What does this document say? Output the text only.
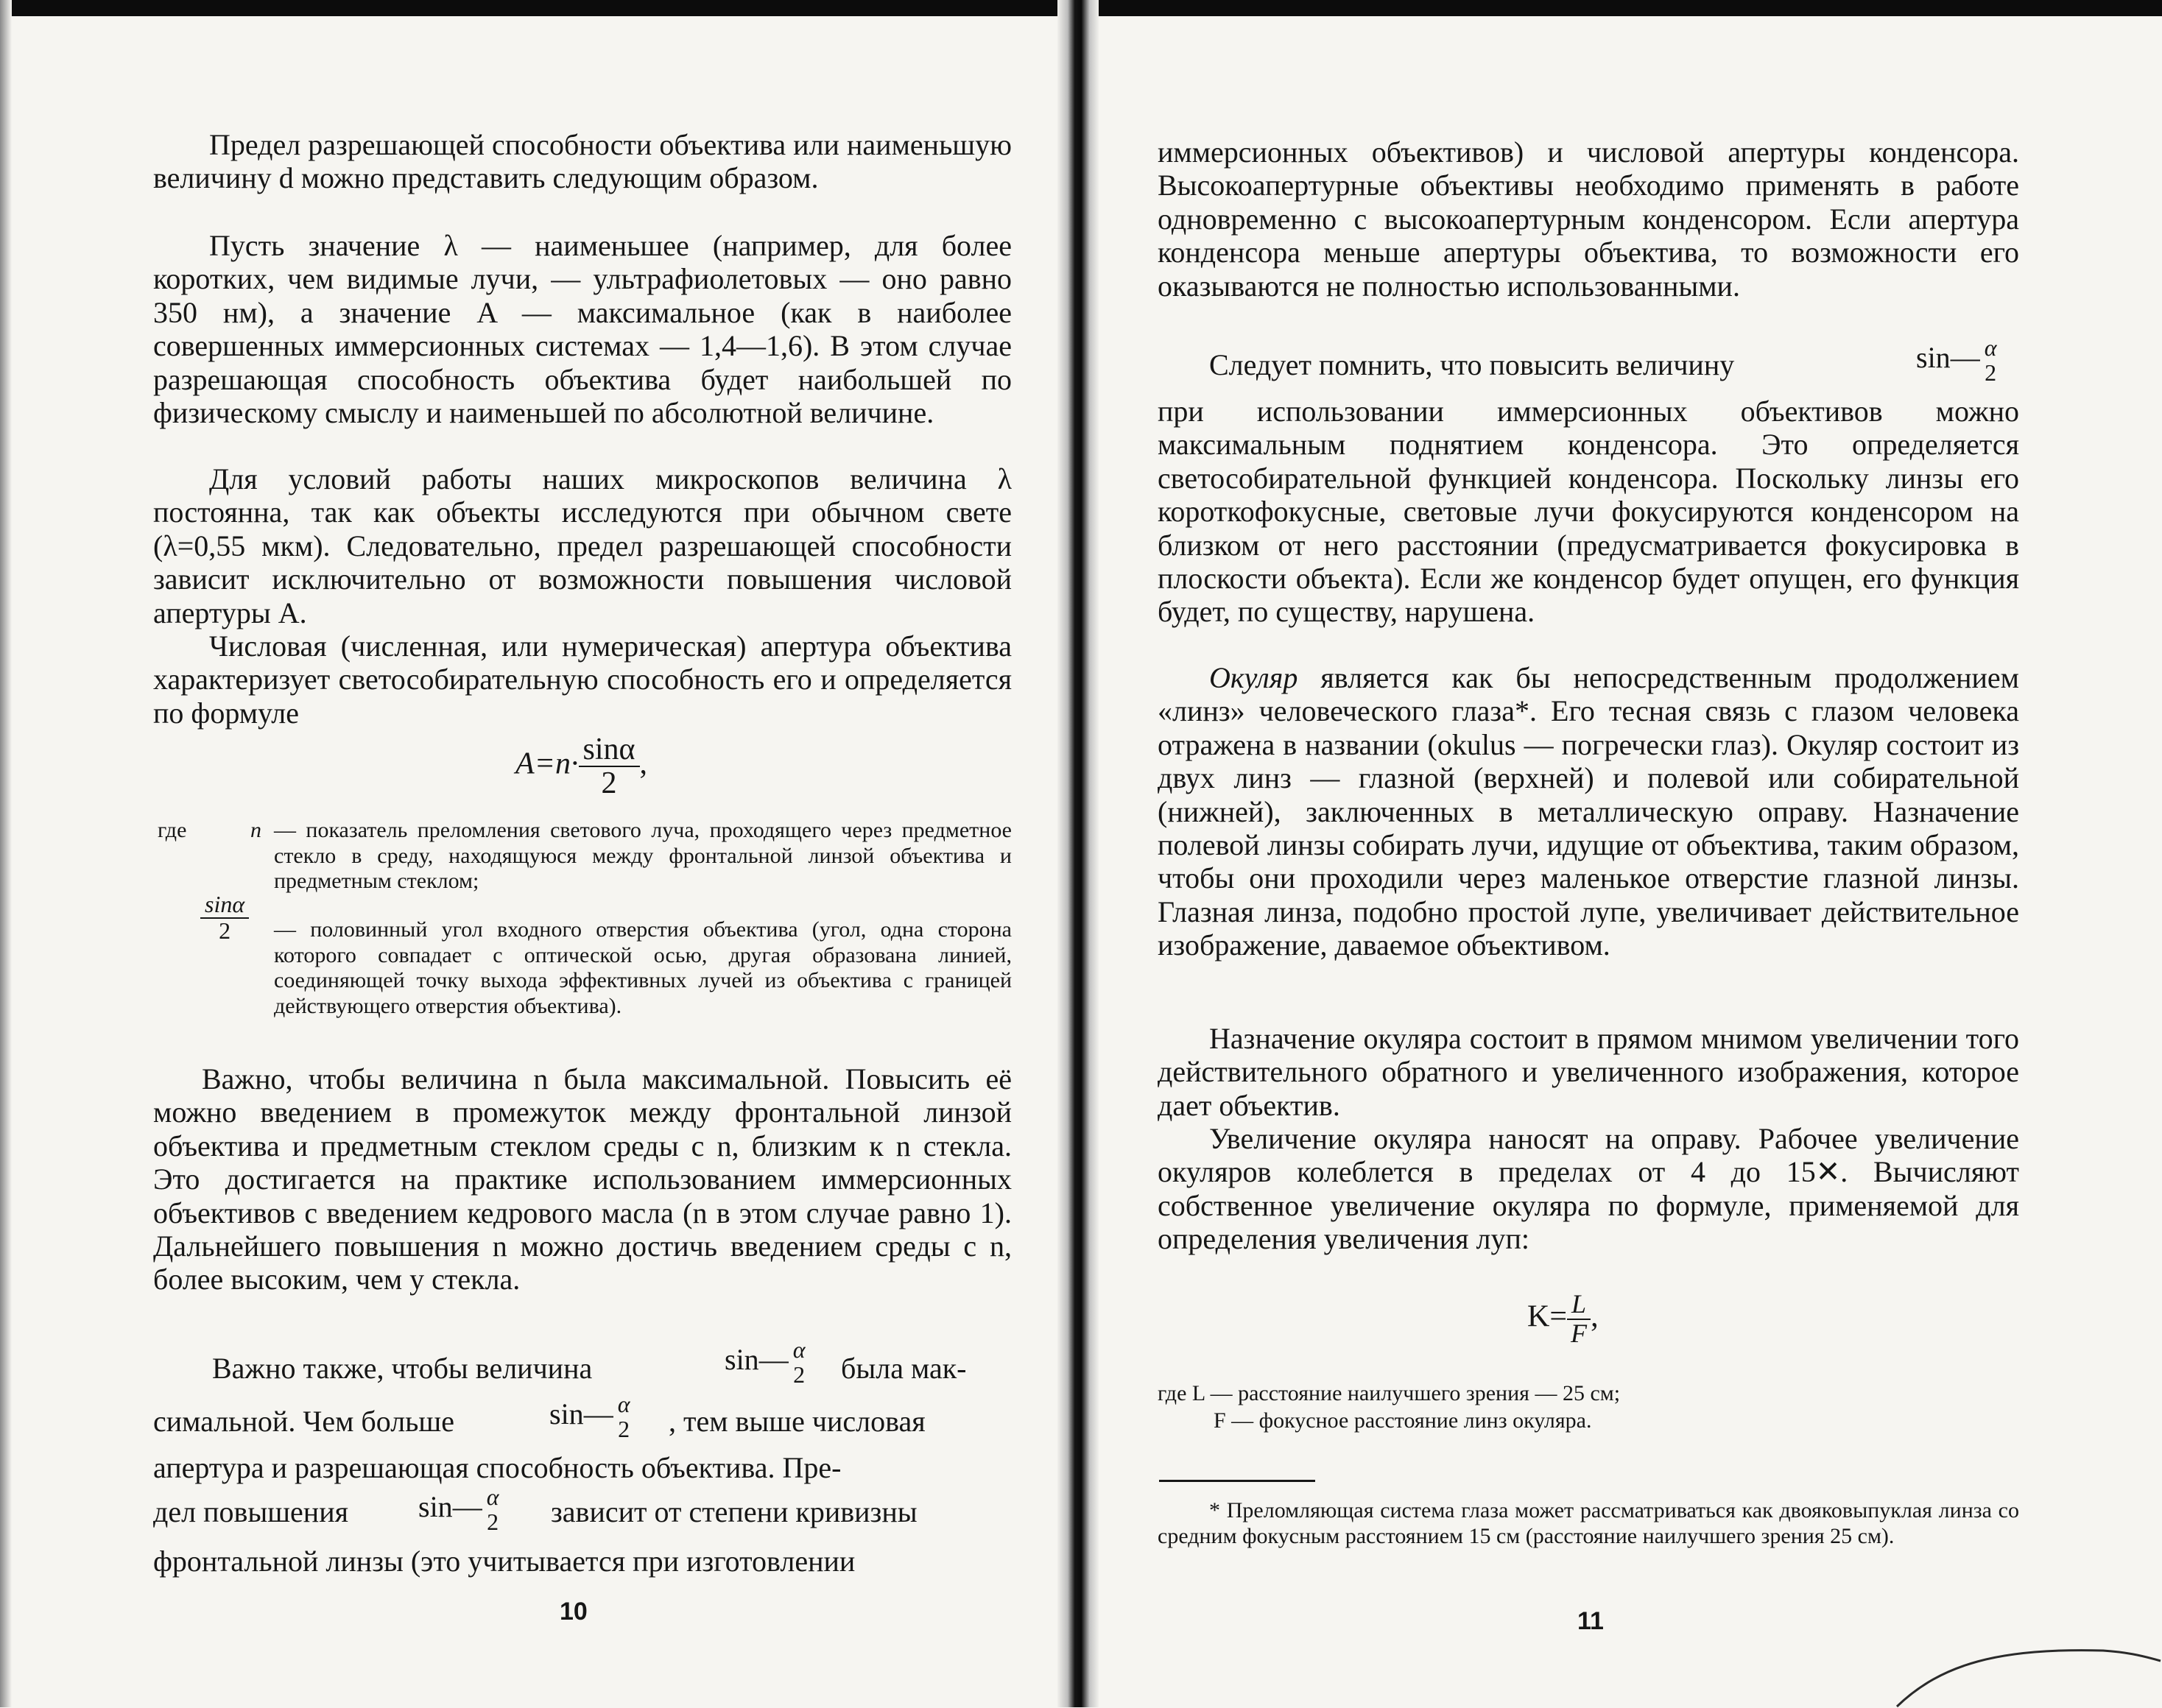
Предел разрешающей способности объектива или наименьшую величину d можно представить следующим образом.

Пусть значение λ — наименьшее (например, для более коротких, чем видимые лучи, — ультрафиолетовых — оно равно 350 нм), а значение A — максимальное (как в наиболее совершенных иммерсионных системах — 1,4—1,6). В этом случае разрешающая способность объектива будет наибольшей по физическому смыслу и наименьшей по абсолютной величине.

Для условий работы наших микроскопов величина λ постоянна, так как объекты исследуются при обычном свете (λ=0,55 мкм). Следовательно, предел разрешающей способности зависит исключительно от возможности повышения числовой апертуры A.

Числовая (численная, или нумерическая) апертура объектива характеризует светособирательную способность его и определяется по формуле

$A=n\cdot \frac{\sin\alpha}{2}$ ,
где	n — показатель преломления светового луча, проходящего через предметное стекло в среду, находящуюся между фронтальной линзой объектива и предметным стеклом;
$\frac{\sin\alpha}{2}$ — половинный угол входного отверстия объектива (угол, одна сторона которого совпадает с оптической осью, другая образована линией, соединяющей точку выхода эффективных лучей из объектива с границей действующего отверстия объектива).

Важно, чтобы величина n была максимальной. Повысить её можно введением в промежуток между фронтальной линзой объектива и предметным стеклом среды с n, близким к n стекла. Это достигается на практике использованием иммерсионных объективов с введением кедрового масла (n в этом случае равно 1). Дальнейшего повышения n можно достичь введением среды с n, более высоким, чем у стекла.

Важно также, чтобы величина	sin— α
2 была мак-
симальной. Чем больше	sin— α
2 , тем выше числовая
апертура и разрешающая способность объектива. Пре-
дел повышения sin— α
2 зависит от степени кривизны
фронтальной линзы (это учитывается при изготовлении
10

иммерсионных объективов) и числовой апертуры конденсора. Высокоапертурные объективы необходимо применять в работе одновременно с высокоапертурным конденсором. Если апертура конденсора меньше апертуры объектива, то возможности его оказываются не полностью использованными.

Следует помнить, что повысить величину	sin— α
2

при использовании иммерсионных объективов можно максимальным поднятием конденсора. Это определяется светособирательной функцией конденсора. Поскольку линзы его короткофокусные, световые лучи фокусируются конденсором на близком от него расстоянии (предусматривается фокусировка в плоскости объекта). Если же конденсор будет опущен, его функция будет, по существу, нарушена.

Окуляр является как бы непосредственным продолжением «линз» человеческого глаза*. Его тесная связь с глазом человека отражена в названии (okulus — погречески глаз). Окуляр состоит из двух линз — глазной (верхней) и полевой или собирательной (нижней), заключенных в металлическую оправу. Назначение полевой линзы собирать лучи, идущие от объектива, таким образом, чтобы они проходили через маленькое отверстие глазной линзы. Глазная линза, подобно простой лупе, увеличивает действительное изображение, даваемое объективом.

Назначение окуляра состоит в прямом мнимом увеличении того действительного обратного и увеличенного изображения, которое дает объектив.

Увеличение окуляра наносят на оправу. Рабочее увеличение окуляров колеблется в пределах от 4 до 15✕. Вычисляют собственное увеличение окуляра по формуле, применяемой для определения увеличения луп:

$K= \frac{L}{F}$ ,
где L — расстояние наилучшего зрения — 25 см;
F — фокусное расстояние линз окуляра.
* Преломляющая система глаза может рассматриваться как двояковыпуклая линза со средним фокусным расстоянием 15 см (расстояние наилучшего зрения 25 см).
11
